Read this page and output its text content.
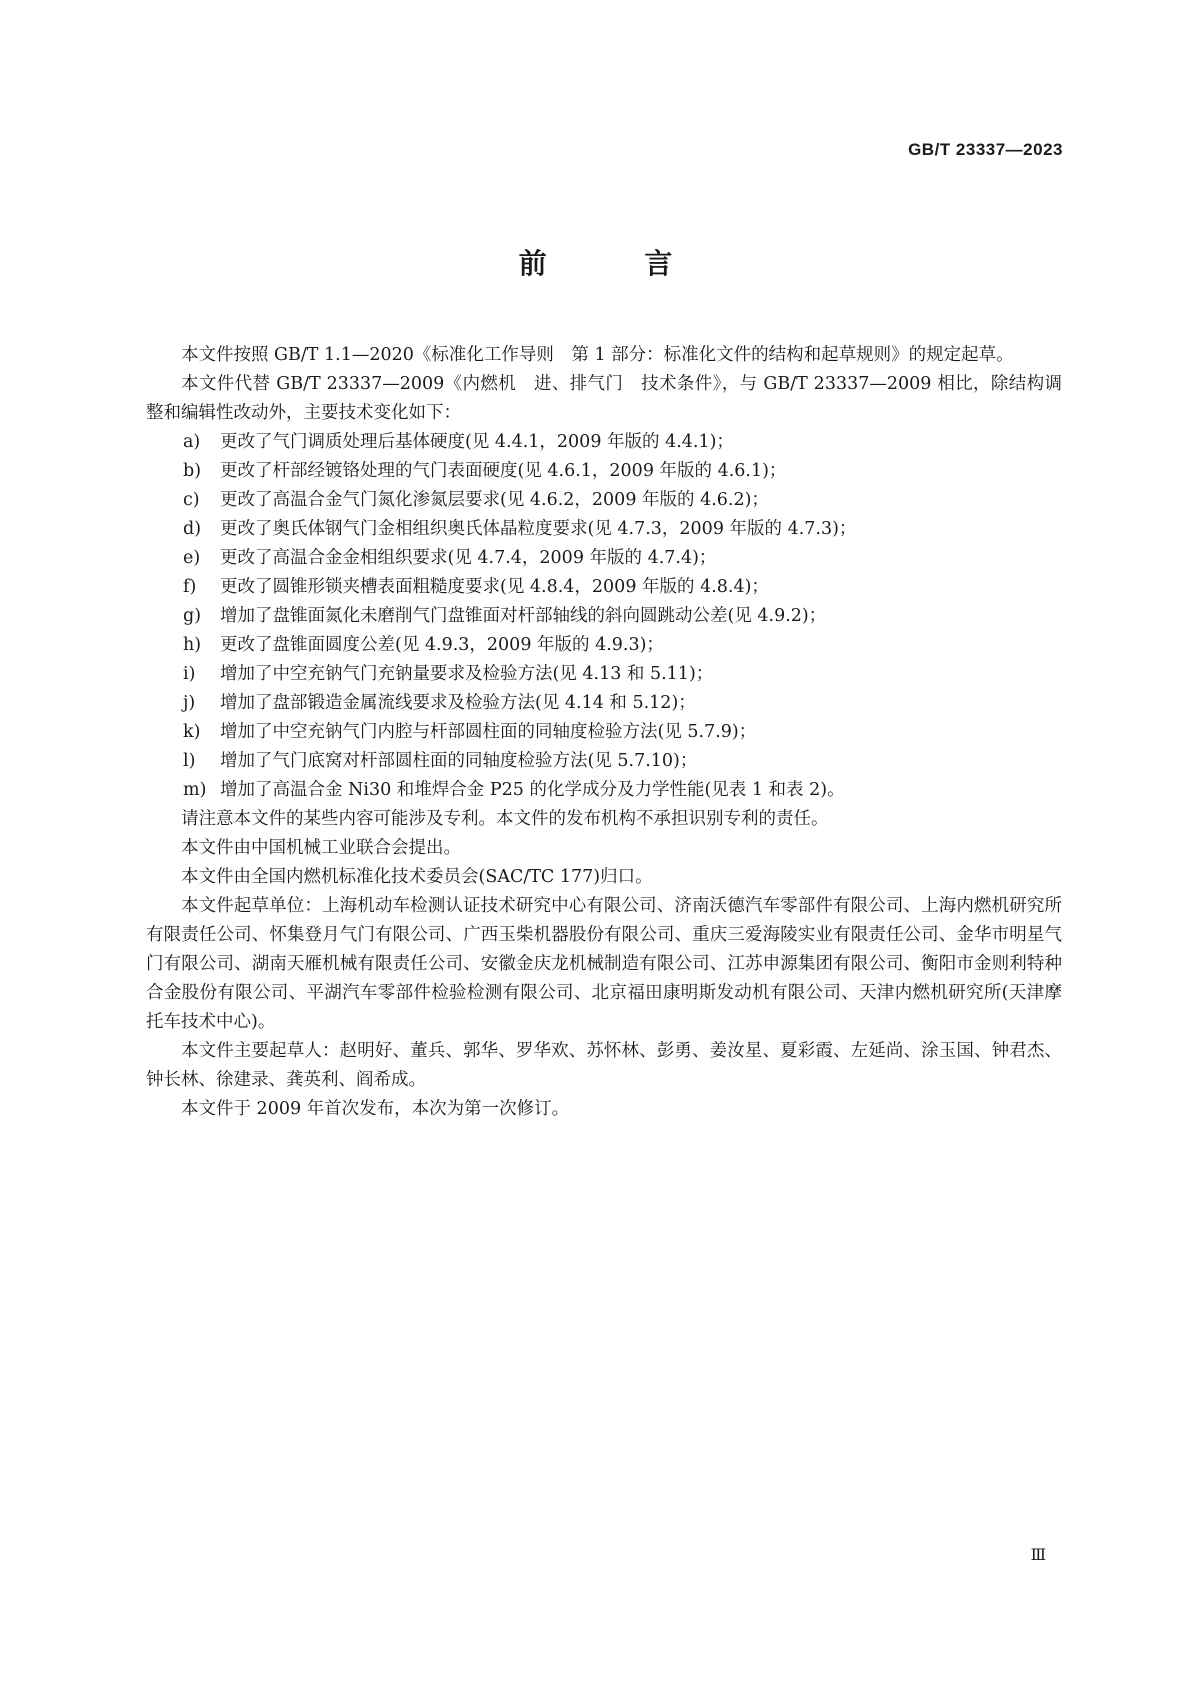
GB/T 23337—2023
前 言

本文件按照 GB/T 1.1—2020《标准化工作导则　第 1 部分：标准化文件的结构和起草规则》的规定起草。

本文件代替 GB/T 23337—2009《内燃机　进、排气门　技术条件》，与 GB/T 23337—2009 相比，除结构调整和编辑性改动外，主要技术变化如下：

a)	更改了气门调质处理后基体硬度(见 4.4.1，2009 年版的 4.4.1)；
b)	更改了杆部经镀铬处理的气门表面硬度(见 4.6.1，2009 年版的 4.6.1)；
c)	更改了高温合金气门氮化渗氮层要求(见 4.6.2，2009 年版的 4.6.2)；
d)	更改了奥氏体钢气门金相组织奥氏体晶粒度要求(见 4.7.3，2009 年版的 4.7.3)；
e)	更改了高温合金金相组织要求(见 4.7.4，2009 年版的 4.7.4)；
f)	更改了圆锥形锁夹槽表面粗糙度要求(见 4.8.4，2009 年版的 4.8.4)；
g)	增加了盘锥面氮化未磨削气门盘锥面对杆部轴线的斜向圆跳动公差(见 4.9.2)；
h)	更改了盘锥面圆度公差(见 4.9.3，2009 年版的 4.9.3)；
i)	增加了中空充钠气门充钠量要求及检验方法(见 4.13 和 5.11)；
j)	增加了盘部锻造金属流线要求及检验方法(见 4.14 和 5.12)；
k)	增加了中空充钠气门内腔与杆部圆柱面的同轴度检验方法(见 5.7.9)；
l)	增加了气门底窝对杆部圆柱面的同轴度检验方法(见 5.7.10)；
m) 增加了高温合金 Ni30 和堆焊合金 P25 的化学成分及力学性能(见表 1 和表 2)。

请注意本文件的某些内容可能涉及专利。本文件的发布机构不承担识别专利的责任。

本文件由中国机械工业联合会提出。

本文件由全国内燃机标准化技术委员会(SAC/TC 177)归口。

本文件起草单位：上海机动车检测认证技术研究中心有限公司、济南沃德汽车零部件有限公司、上海内燃机研究所有限责任公司、怀集登月气门有限公司、广西玉柴机器股份有限公司、重庆三爱海陵实业有限责任公司、金华市明星气门有限公司、湖南天雁机械有限责任公司、安徽金庆龙机械制造有限公司、江苏申源集团有限公司、衡阳市金则利特种合金股份有限公司、平湖汽车零部件检验检测有限公司、北京福田康明斯发动机有限公司、天津内燃机研究所(天津摩托车技术中心)。

本文件主要起草人：赵明好、董兵、郭华、罗华欢、苏怀林、彭勇、姜汝星、夏彩霞、左延尚、涂玉国、钟君杰、钟长林、徐建录、龚英利、阎希成。

本文件于 2009 年首次发布，本次为第一次修订。

Ⅲ
